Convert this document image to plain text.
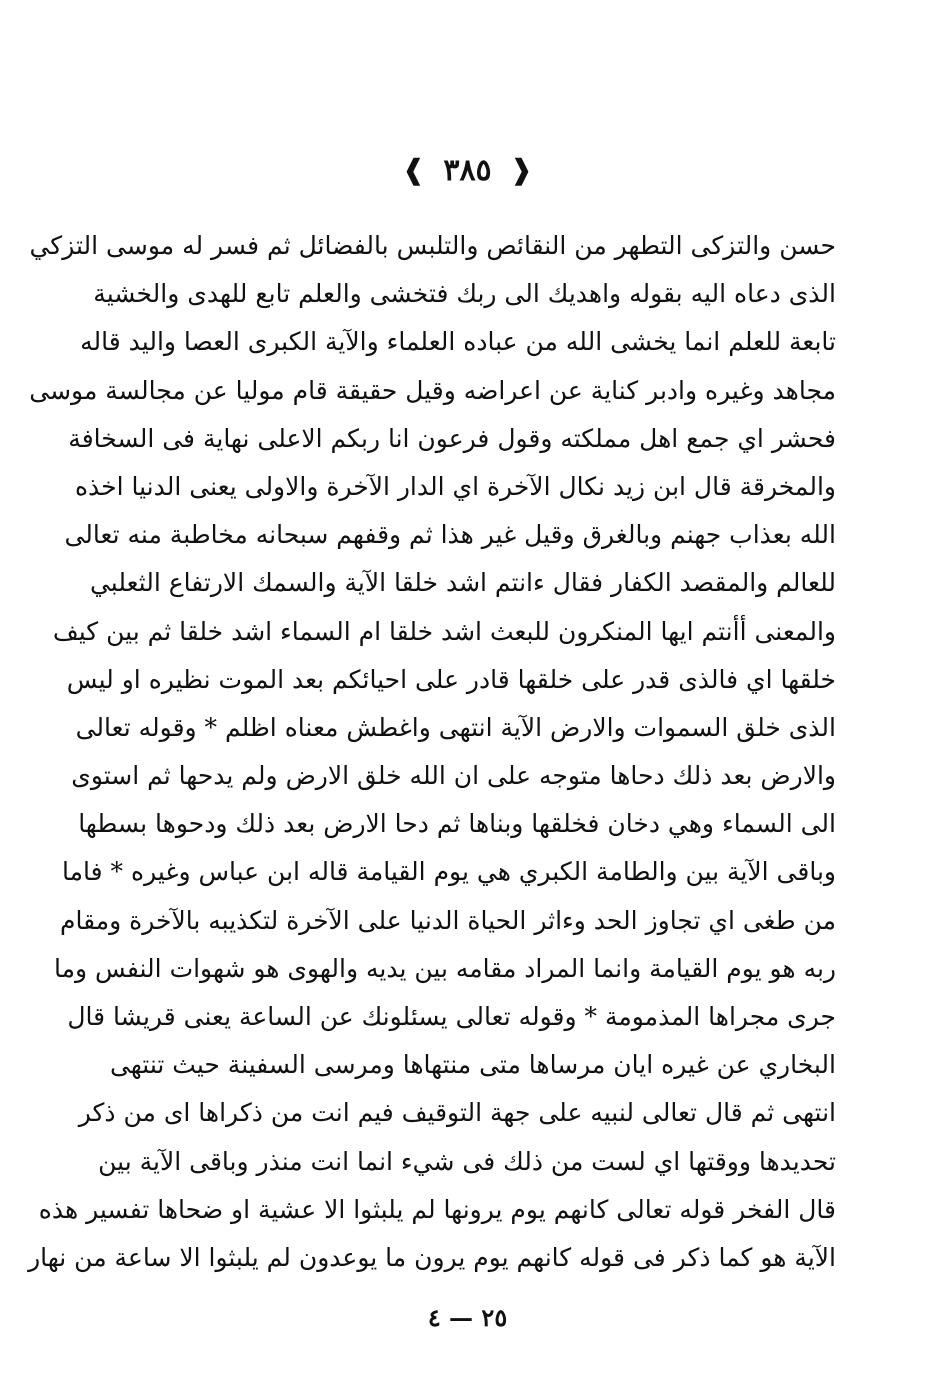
❰ ٣٨٥ ❱
حسن والتزكى التطهر من النقائص والتلبس بالفضائل ثم فسر له موسى التزكي
الذى دعاه اليه بقوله واهديك الى ربك فتخشى والعلم تابع للهدى والخشية
تابعة للعلم انما يخشى الله من عباده العلماء والآية الكبرى العصا واليد قاله
مجاهد وغيره وادبر كناية عن اعراضه وقيل حقيقة قام موليا عن مجالسة موسى
فحشر اي جمع اهل مملكته وقول فرعون انا ربكم الاعلى نهاية فى السخافة
والمخرقة قال ابن زيد نكال الآخرة اي الدار الآخرة والاولى يعنى الدنيا اخذه
الله بعذاب جهنم وبالغرق وقيل غير هذا ثم وقفهم سبحانه مخاطبة منه تعالى
للعالم والمقصد الكفار فقال ءانتم اشد خلقا الآية والسمك الارتفاع الثعلبي
والمعنى أأنتم ايها المنكرون للبعث اشد خلقا ام السماء اشد خلقا ثم بين كيف
خلقها اي فالذى قدر على خلقها قادر على احيائكم بعد الموت نظيره او ليس
الذى خلق السموات والارض الآية انتهى واغطش معناه اظلم * وقوله تعالى
والارض بعد ذلك دحاها متوجه على ان الله خلق الارض ولم يدحها ثم استوى
الى السماء وهي دخان فخلقها وبناها ثم دحا الارض بعد ذلك ودحوها بسطها
وباقى الآية بين والطامة الكبري هي يوم القيامة قاله ابن عباس وغيره * فاما
من طغى اي تجاوز الحد وءاثر الحياة الدنيا على الآخرة لتكذيبه بالآخرة ومقام
ربه هو يوم القيامة وانما المراد مقامه بين يديه والهوى هو شهوات النفس وما
جرى مجراها المذمومة * وقوله تعالى يسئلونك عن الساعة يعنى قريشا قال
البخاري عن غيره ايان مرساها متى منتهاها ومرسى السفينة حيث تنتهى
انتهى ثم قال تعالى لنبيه على جهة التوقيف فيم انت من ذكراها اى من ذكر
تحديدها ووقتها اي لست من ذلك فى شيء انما انت منذر وباقى الآية بين
قال الفخر قوله تعالى كانهم يوم يرونها لم يلبثوا الا عشية او ضحاها تفسير هذه
الآية هو كما ذكر فى قوله كانهم يوم يرون ما يوعدون لم يلبثوا الا ساعة من نهار
٢٥ — ٤
